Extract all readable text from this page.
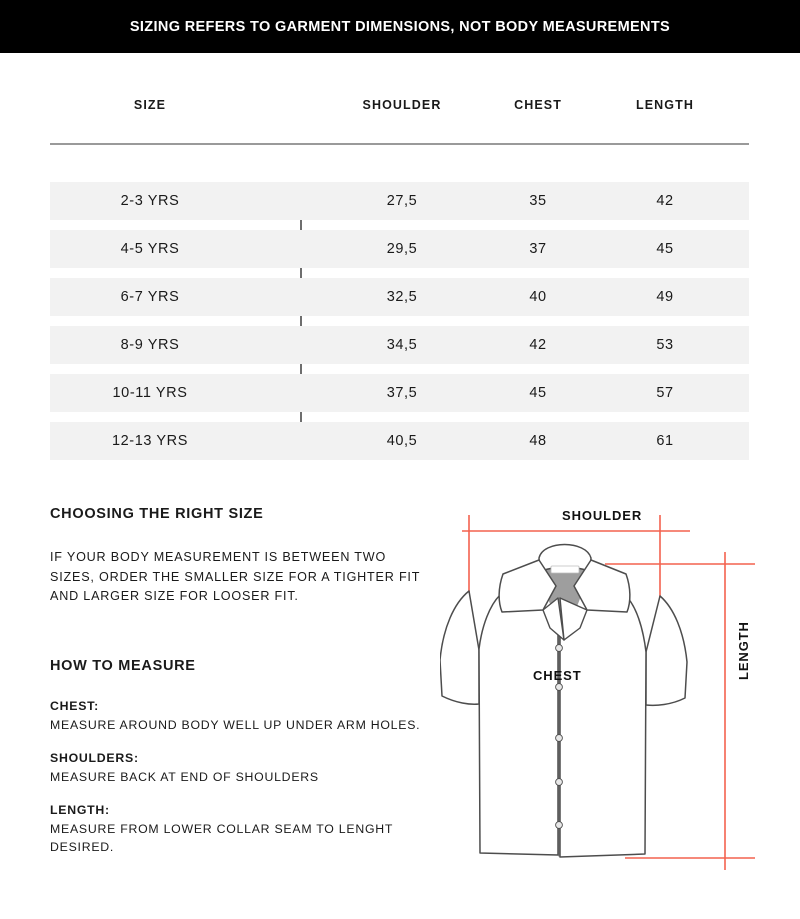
SIZING REFERS TO GARMENT DIMENSIONS, NOT BODY MEASUREMENTS
SIZE	SHOULDER	CHEST	LENGTH
2-3 YRS	27,5	35	42
4-5 YRS	29,5	37	45
6-7 YRS	32,5	40	49
8-9 YRS	34,5	42	53
10-11 YRS	37,5	45	57
12-13 YRS	40,5	48	61
CHOOSING THE RIGHT SIZE
IF YOUR BODY MEASUREMENT IS BETWEEN TWO
SIZES, ORDER THE SMALLER SIZE FOR A TIGHTER FIT
AND LARGER SIZE FOR LOOSER FIT.
HOW TO MEASURE
CHEST:
MEASURE AROUND BODY WELL UP UNDER ARM HOLES.
SHOULDERS:
MEASURE BACK AT END OF SHOULDERS
LENGTH:
MEASURE FROM LOWER COLLAR SEAM TO LENGHT
DESIRED.
SHOULDER
CHEST	LENGTH
